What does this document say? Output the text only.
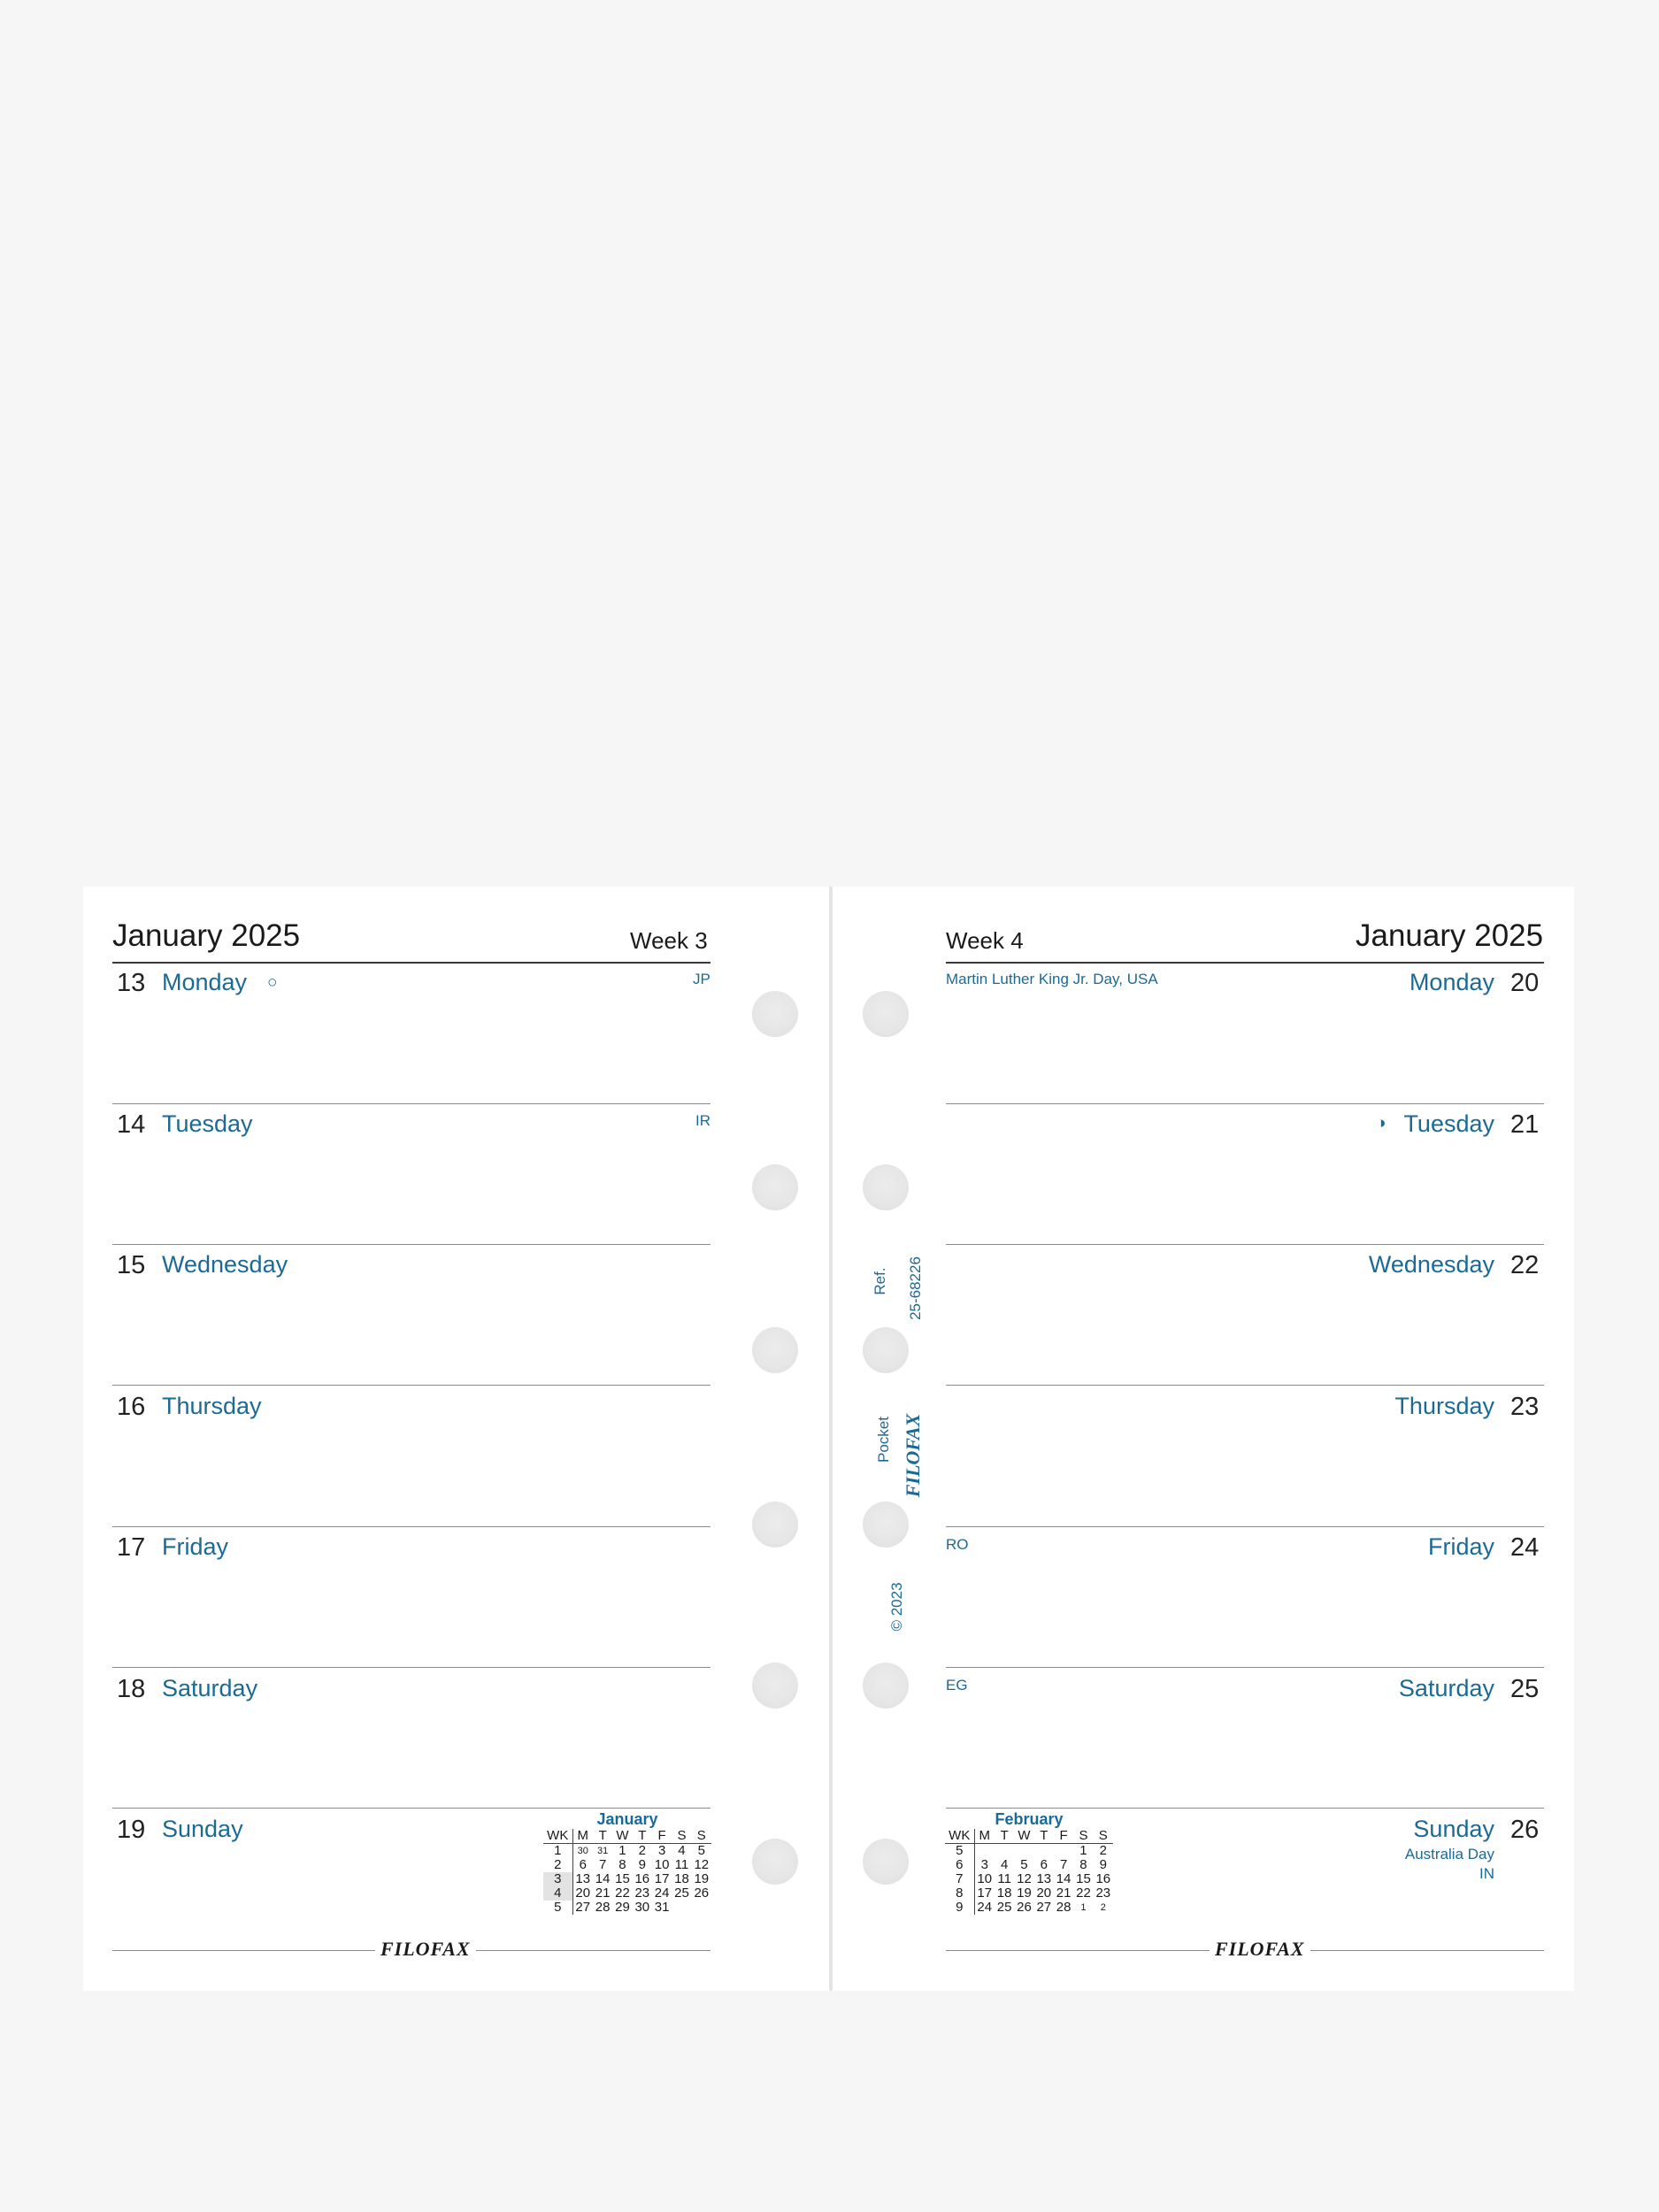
January 2025	Week 3
13 Monday ○	JP
14 Tuesday	IR
15 Wednesday
16 Thursday
17 Friday
18 Saturday
19 Sunday	January
WK	M	T	W	T	F	S	S
1	30	31	1	2	3	4	5
2	6	7	8	9	10	11	12
3	13	14	15	16	17	18	19
4	20	21	22	23	24	25	26
5	27	28	29	30	31		
FILOFAX
Week 4	January 2025
Martin Luther King Jr. Day, USA	Monday 20
◑ Tuesday 21
Wednesday 22
Thursday 23
RO	Friday 24
EG	Saturday 25
Sunday 26
Australia Day
IN
February
WK	M	T	W	T	F	S	S
5						1	2
6	3	4	5	6	7	8	9
7	10	11	12	13	14	15	16
8	17	18	19	20	21	22	23
9	24	25	26	27	28	1	2
FILOFAX
Ref. 25-68226
Pocket FILOFAX
© 2023
